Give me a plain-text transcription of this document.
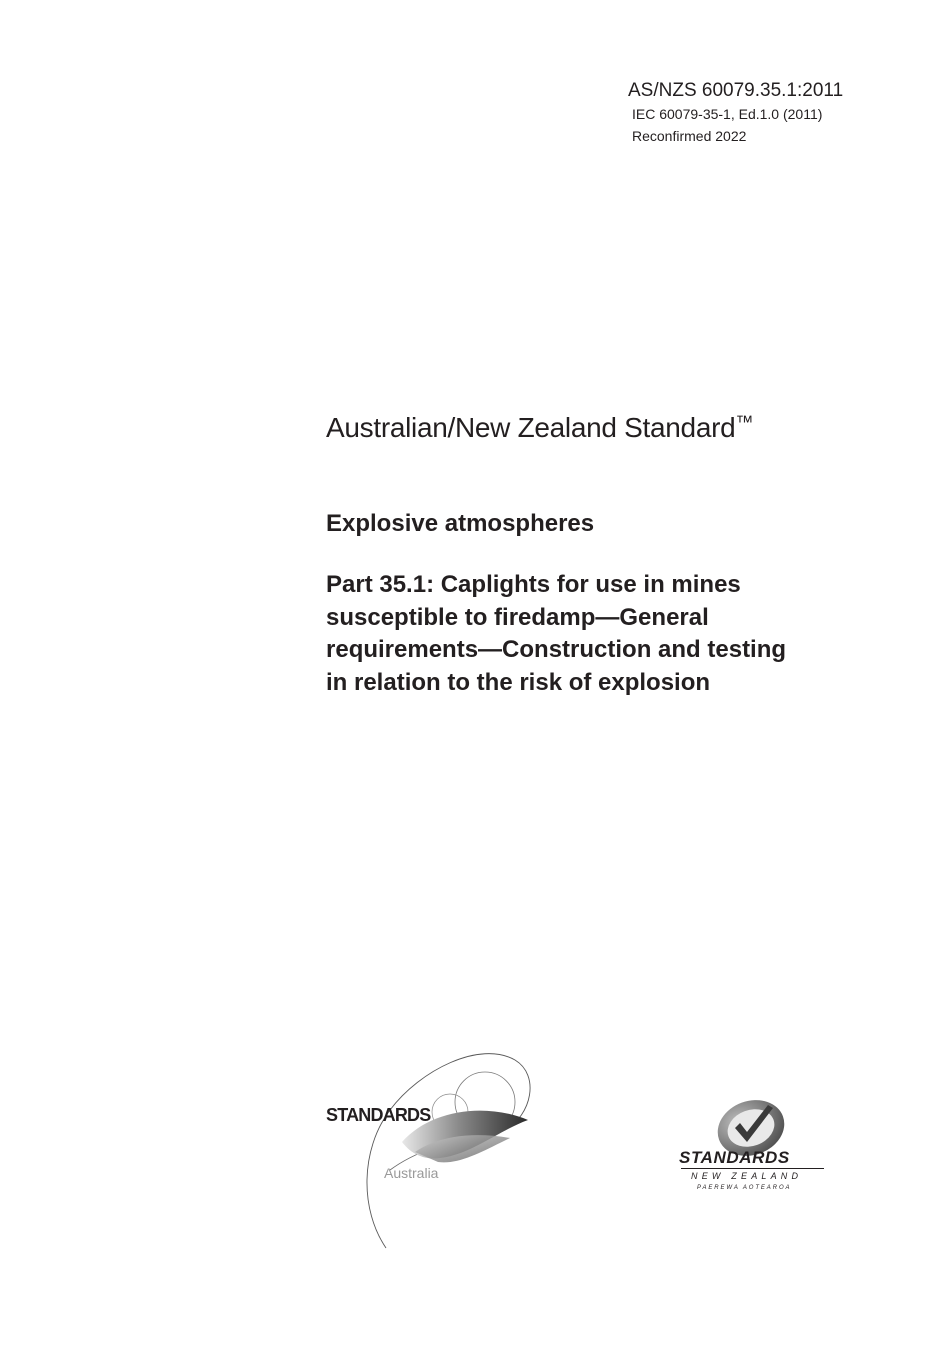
AS/NZS 60079.35.1:2011
IEC 60079-35-1, Ed.1.0 (2011)
Reconfirmed 2022
Australian/New Zealand Standard™
Explosive atmospheres
Part 35.1: Caplights for use in mines
susceptible to firedamp—General
requirements—Construction and testing
in relation to the risk of explosion
STANDARDS
Australia
STANDARDS
NEW ZEALAND
PAEREWA AOTEAROA
